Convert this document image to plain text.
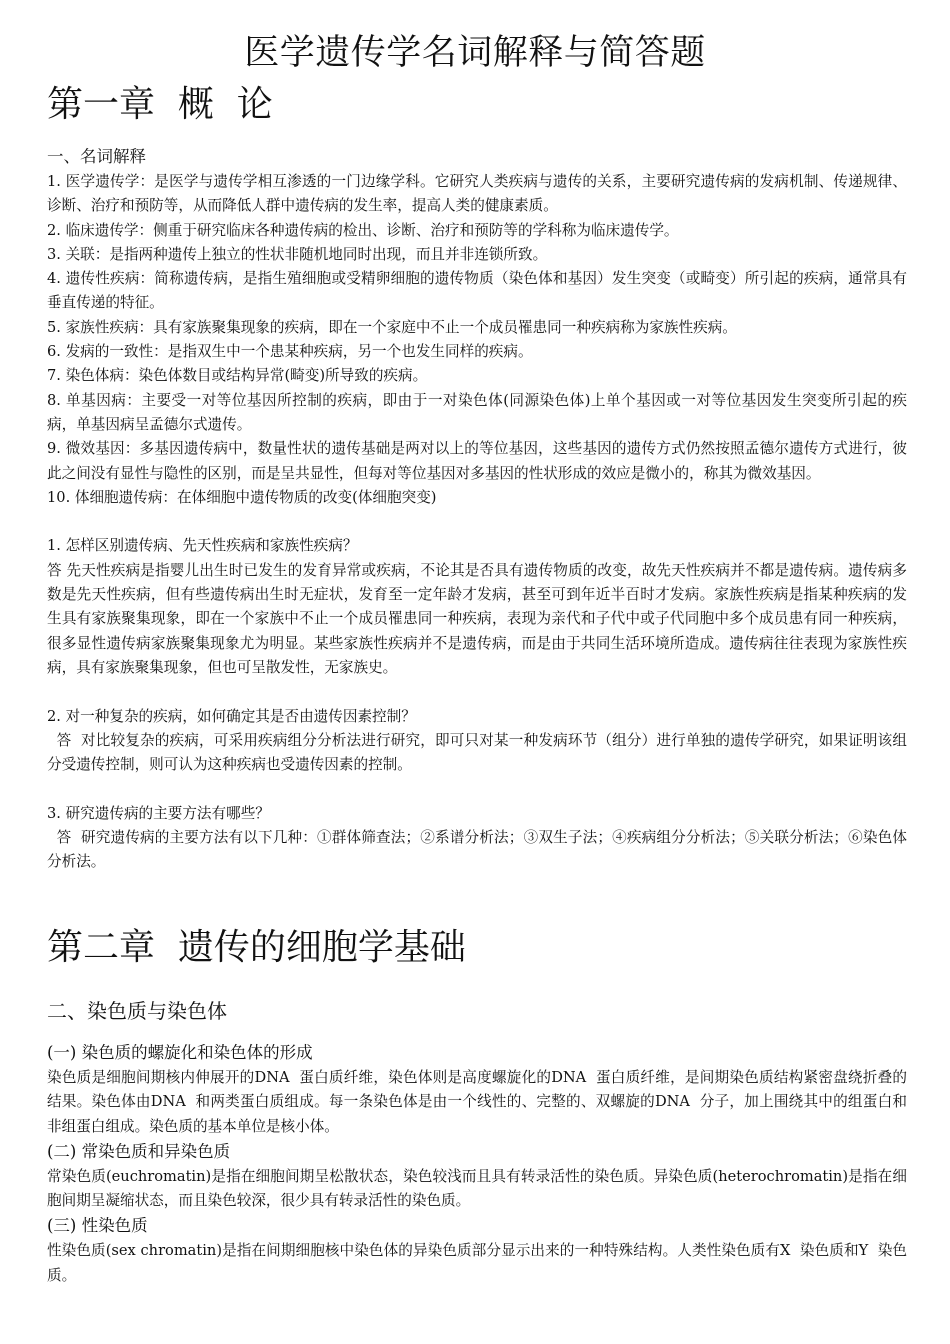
医学遗传学名词解释与简答题
第一章  概  论

一、名词解释

1. 医学遗传学：是医学与遗传学相互渗透的一门边缘学科。它研究人类疾病与遗传的关系，主要研究遗传病的发病机制、传递规律、诊断、治疗和预防等，从而降低人群中遗传病的发生率，提高人类的健康素质。

2. 临床遗传学：侧重于研究临床各种遗传病的检出、诊断、治疗和预防等的学科称为临床遗传学。

3. 关联：是指两种遗传上独立的性状非随机地同时出现，而且并非连锁所致。

4. 遗传性疾病：简称遗传病，是指生殖细胞或受精卵细胞的遗传物质（染色体和基因）发生突变（或畸变）所引起的疾病，通常具有垂直传递的特征。

5. 家族性疾病：具有家族聚集现象的疾病，即在一个家庭中不止一个成员罹患同一种疾病称为家族性疾病。

6. 发病的一致性：是指双生中一个患某种疾病，另一个也发生同样的疾病。

7. 染色体病：染色体数目或结构异常(畸变)所导致的疾病。

8. 单基因病：主要受一对等位基因所控制的疾病，即由于一对染色体(同源染色体)上单个基因或一对等位基因发生突变所引起的疾病，单基因病呈孟德尔式遗传。

9. 微效基因：多基因遗传病中，数量性状的遗传基础是两对以上的等位基因，这些基因的遗传方式仍然按照孟德尔遗传方式进行，彼此之间没有显性与隐性的区别，而是呈共显性，但每对等位基因对多基因的性状形成的效应是微小的，称其为微效基因。

10. 体细胞遗传病：在体细胞中遗传物质的改变(体细胞突变)

1. 怎样区别遗传病、先天性疾病和家族性疾病？

答 先天性疾病是指婴儿出生时已发生的发育异常或疾病，不论其是否具有遗传物质的改变，故先天性疾病并不都是遗传病。遗传病多数是先天性疾病，但有些遗传病出生时无症状，发育至一定年龄才发病，甚至可到年近半百时才发病。家族性疾病是指某种疾病的发生具有家族聚集现象，即在一个家族中不止一个成员罹患同一种疾病，表现为亲代和子代中或子代同胞中多个成员患有同一种疾病，很多显性遗传病家族聚集现象尤为明显。某些家族性疾病并不是遗传病，而是由于共同生活环境所造成。遗传病往往表现为家族性疾病，具有家族聚集现象，但也可呈散发性，无家族史。

2. 对一种复杂的疾病，如何确定其是否由遗传因素控制？

答  对比较复杂的疾病，可采用疾病组分分析法进行研究，即可只对某一种发病环节（组分）进行单独的遗传学研究，如果证明该组分受遗传控制，则可认为这种疾病也受遗传因素的控制。

3. 研究遗传病的主要方法有哪些？

答  研究遗传病的主要方法有以下几种：①群体筛查法；②系谱分析法；③双生子法；④疾病组分分析法；⑤关联分析法；⑥染色体分析法。

第二章  遗传的细胞学基础
二、染色质与染色体

(一) 染色质的螺旋化和染色体的形成

染色质是细胞间期核内伸展开的DNA  蛋白质纤维，染色体则是高度螺旋化的DNA  蛋白质纤维，是间期染色质结构紧密盘绕折叠的结果。染色体由DNA  和两类蛋白质组成。每一条染色体是由一个线性的、完整的、双螺旋的DNA  分子，加上围绕其中的组蛋白和非组蛋白组成。染色质的基本单位是核小体。

(二) 常染色质和异染色质

常染色质(euchromatin)是指在细胞间期呈松散状态，染色较浅而且具有转录活性的染色质。异染色质(heterochromatin)是指在细胞间期呈凝缩状态，而且染色较深，很少具有转录活性的染色质。

(三) 性染色质

性染色质(sex chromatin)是指在间期细胞核中染色体的异染色质部分显示出来的一种特殊结构。人类性染色质有X  染色质和Y  染色质。
